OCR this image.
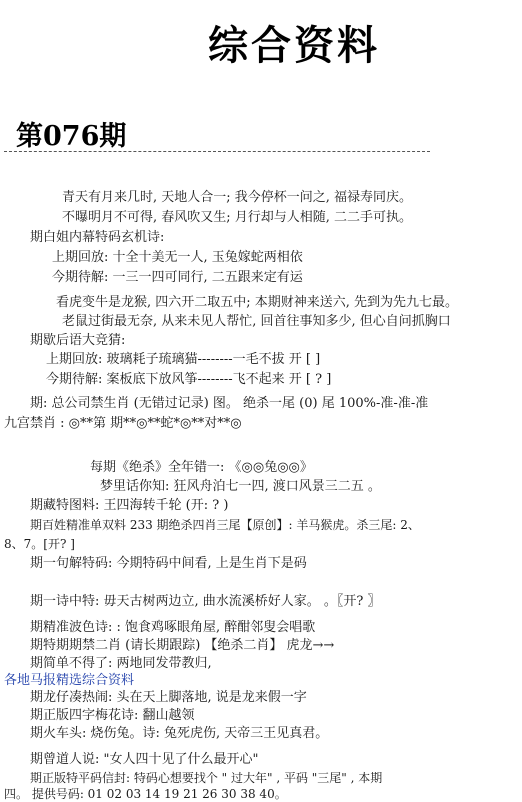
综合资料
第076期
青天有月来几时, 天地人合一; 我今停杯一问之, 福禄寿同庆。
不曝明月不可得, 春风吹又生; 月行却与人相随, 二二手可执。
期白姐内幕特码玄机诗:
上期回放: 十全十美无一人, 玉兔嫁蛇两相依
今期待解: 一三一四可同行, 二五跟来定有运
看虎变牛是龙猴, 四六开二取五中; 本期财神来送六, 先到为先九七最。
老鼠过街最无奈, 从来未见人帮忙, 回首往事知多少, 但心自问抓胸口
期歇后语大竞猜:
上期回放: 玻璃耗子琉璃猫--------一毛不拔 开 [ ]
今期待解: 案板底下放风筝--------飞不起来 开 [ ? ]
期: 总公司禁生肖 (无错过记录) 图。 绝杀一尾 (0) 尾 100%-准-准-准
九宫禁肖 : ◎**第 期**◎**蛇*◎**对**◎
每期《绝杀》全年错一: 《◎◎兔◎◎》
梦里话你知: 狂风舟泊七一四, 渡口风景三二五 。
期藏特图料: 王四海转千轮 (开: ? )
期百姓精准单双料 233 期绝杀四肖三尾【原创】: 羊马猴虎。杀三尾: 2、
8、7。[开? ]
期一句解特码: 今期特码中间看, 上是生肖下是码
期一诗中特: 毋天古树两边立, 曲水流溪桥好人家。 。〖开? 〗
期精准波色诗: : 饱食鸡啄眼角屋, 醉酣邻叟会唱歌
期特期期禁二肖 (请长期跟踪) 【绝杀二肖】 虎龙→→
期简单不得了: 两地同发带教归,
各地马报精选综合资料
期龙仔凑热闹: 头在天上脚落地, 说是龙来假一字
期正版四字梅花诗: 翻山越领
期火车头: 烧伤兔。诗: 兔死虎伤, 天帝三王见真君。
期曾道人说: "女人四十见了什么最开心"
期正版特平码信封: 特码心想要找个 " 过大年" , 平码 "三尾" , 本期
四。 提供号码: 01 02 03 14 19 21 26 30 38 40。
